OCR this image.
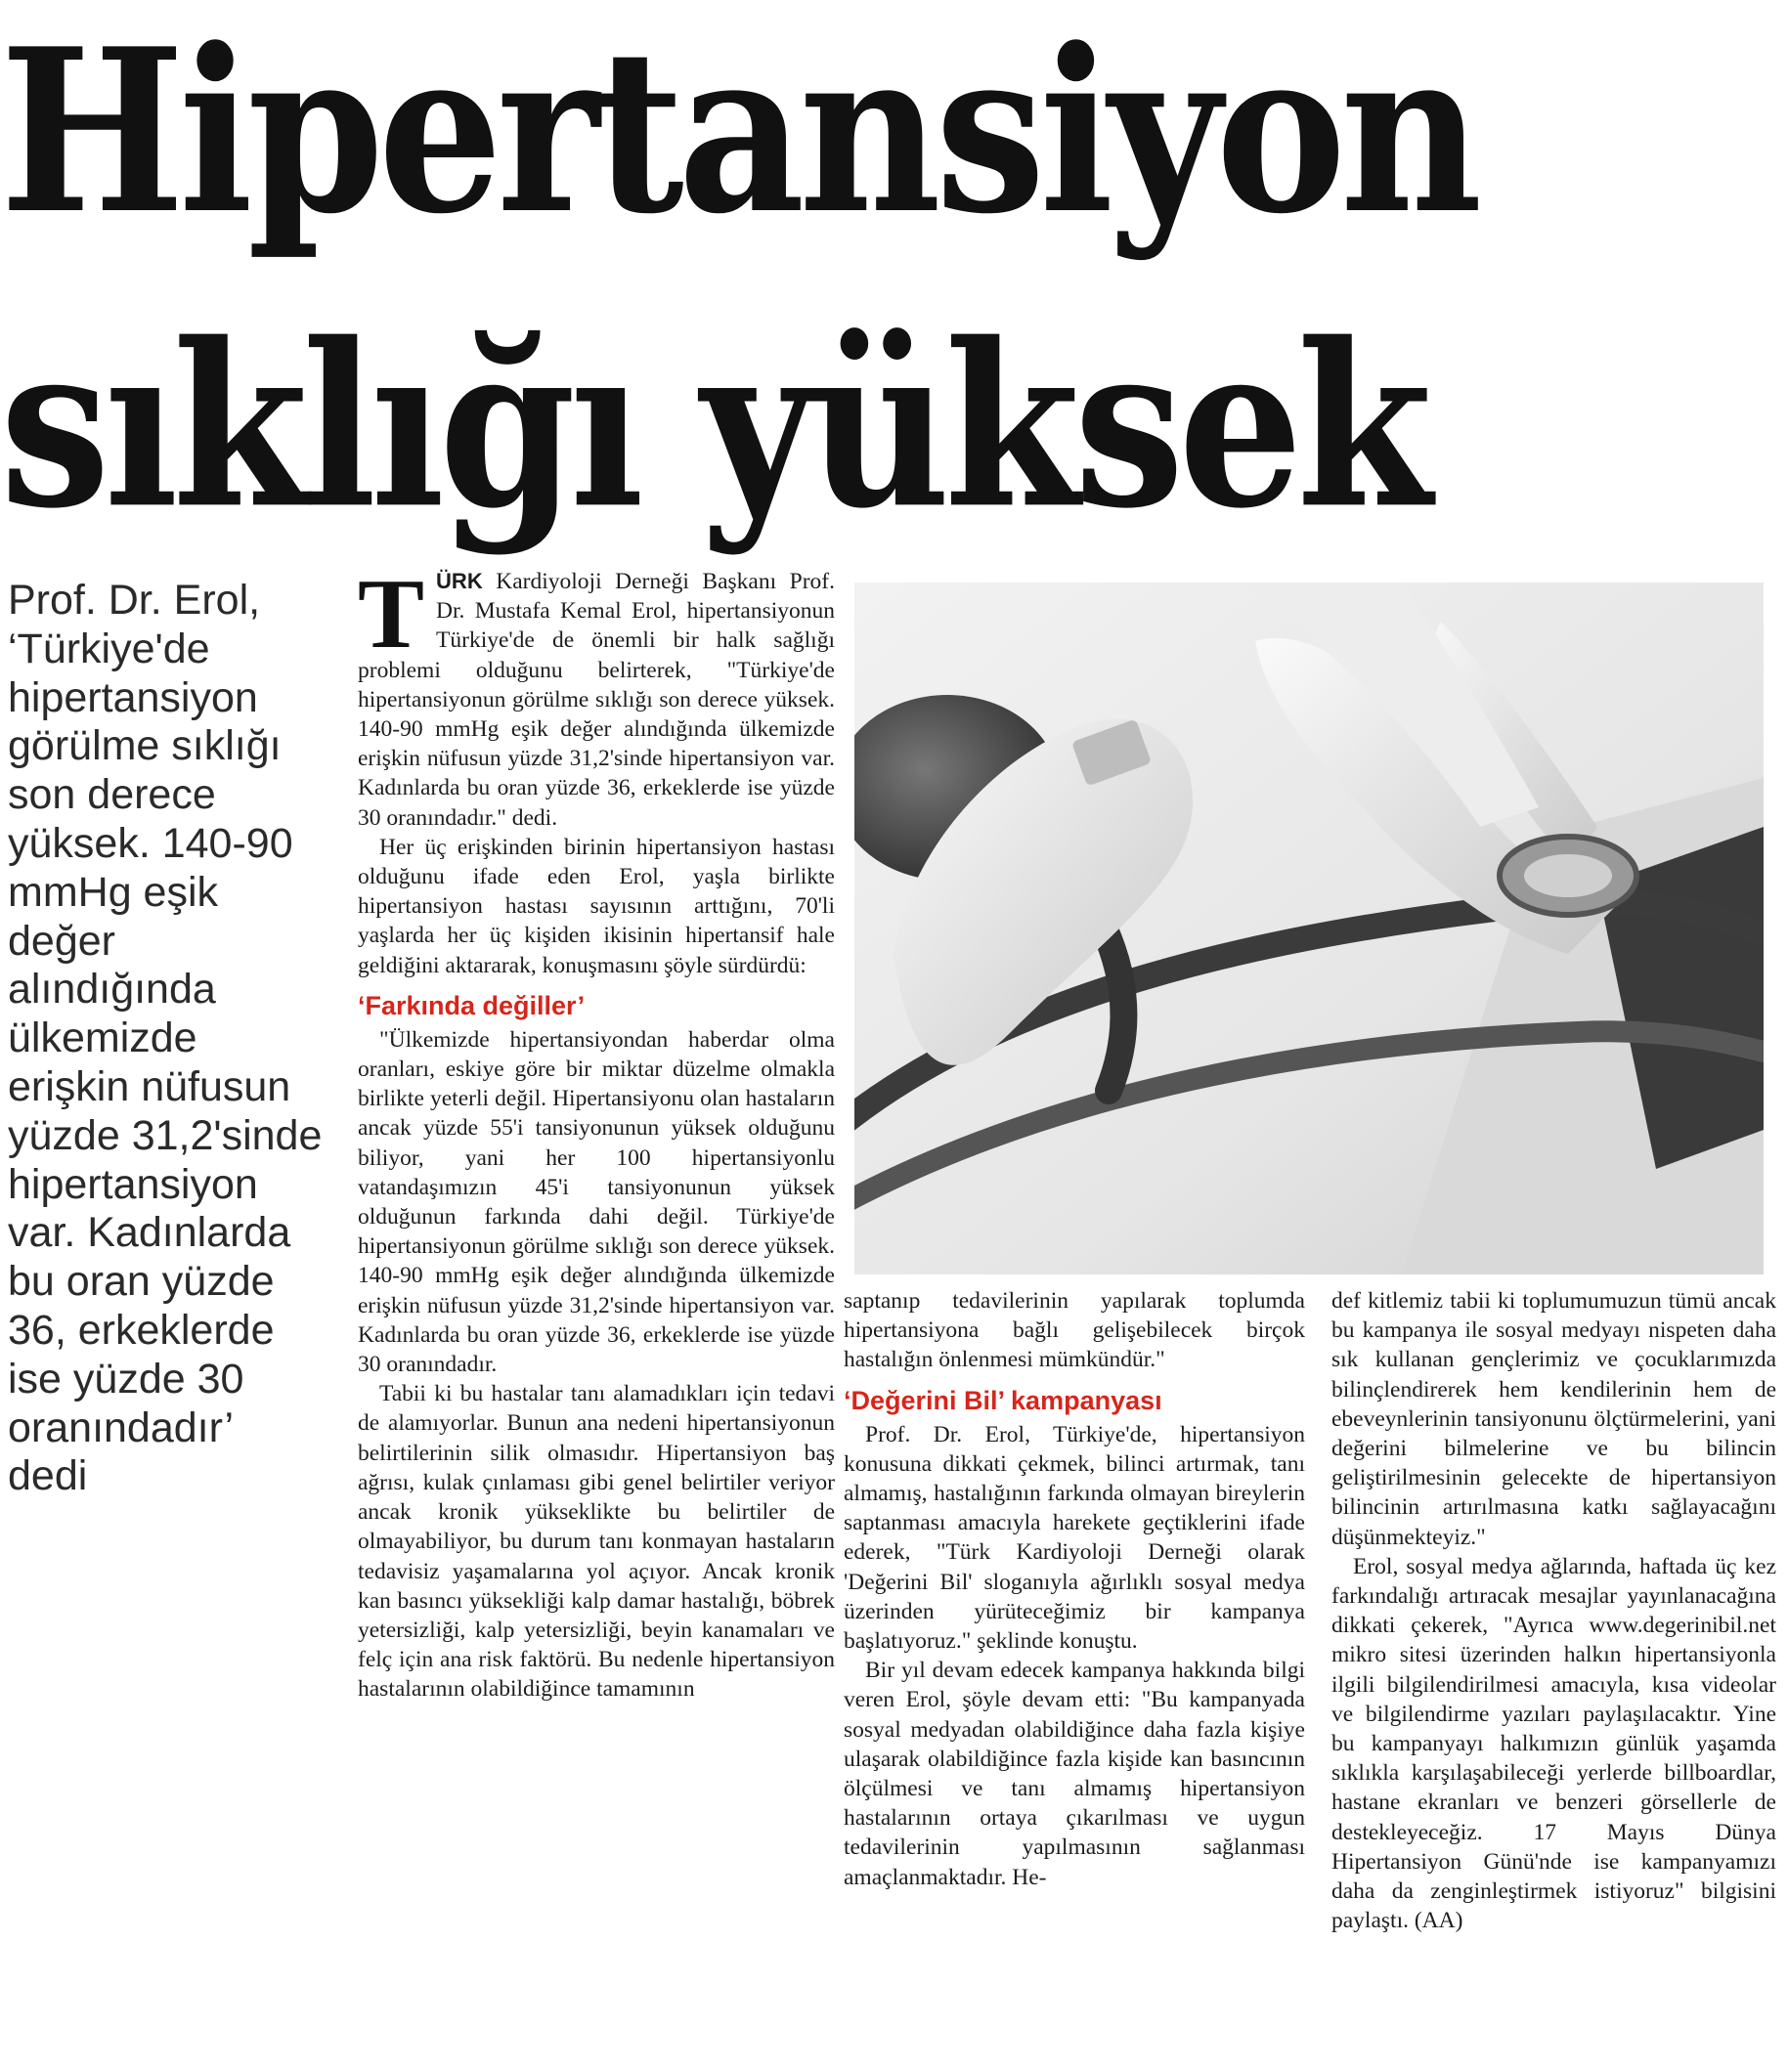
Hipertansiyon
sıklığı yüksek

Prof. Dr. Erol,
‘Türkiye'de
hipertansiyon
görülme sıklığı
son derece
yüksek. 140-90
mmHg eşik
değer
alındığında
ülkemizde
erişkin nüfusun
yüzde 31,2'sinde
hipertansiyon
var. Kadınlarda
bu oran yüzde
36, erkeklerde
ise yüzde 30
oranındadır’
dedi

TÜRK Kardiyoloji Derneği Başkanı Prof. Dr. Mustafa Kemal Erol, hipertansiyonun Türkiye'de de önemli bir halk sağlığı problemi olduğunu belirterek, "Türkiye'de hipertansiyonun görülme sıklığı son derece yüksek. 140-90 mmHg eşik değer alındığında ülkemizde erişkin nüfusun yüzde 31,2'sinde hipertansiyon var. Kadınlarda bu oran yüzde 36, erkeklerde ise yüzde 30 oranındadır." dedi.

Her üç erişkinden birinin hipertansiyon hastası olduğunu ifade eden Erol, yaşla birlikte hipertansiyon hastası sayısının arttığını, 70'li yaşlarda her üç kişiden ikisinin hipertansif hale geldiğini aktararak, konuşmasını şöyle sürdürdü:

‘Farkında değiller’

"Ülkemizde hipertansiyondan haberdar olma oranları, eskiye göre bir miktar düzelme olmakla birlikte yeterli değil. Hipertansiyonu olan hastaların ancak yüzde 55'i tansiyonunun yüksek olduğunu biliyor, yani her 100 hipertansiyonlu vatandaşımızın 45'i tansiyonunun yüksek olduğunun farkında dahi değil. Türkiye'de hipertansiyonun görülme sıklığı son derece yüksek. 140-90 mmHg eşik değer alındığında ülkemizde erişkin nüfusun yüzde 31,2'sinde hipertansiyon var. Kadınlarda bu oran yüzde 36, erkeklerde ise yüzde 30 oranındadır.

Tabii ki bu hastalar tanı alamadıkları için tedavi de alamıyorlar. Bunun ana nedeni hipertansiyonun belirtilerinin silik olmasıdır. Hipertansiyon baş ağrısı, kulak çınlaması gibi genel belirtiler veriyor ancak kronik yükseklikte bu belirtiler de olmayabiliyor, bu durum tanı konmayan hastaların tedavisiz yaşamalarına yol açıyor. Ancak kronik kan basıncı yüksekliği kalp damar hastalığı, böbrek yetersizliği, kalp yetersizliği, beyin kanamaları ve felç için ana risk faktörü. Bu nedenle hipertansiyon hastalarının olabildiğince tamamının

saptanıp tedavilerinin yapılarak toplumda hipertansiyona bağlı gelişebilecek birçok hastalığın önlenmesi mümkündür."

‘Değerini Bil’ kampanyası

Prof. Dr. Erol, Türkiye'de, hipertansiyon konusuna dikkati çekmek, bilinci artırmak, tanı almamış, hastalığının farkında olmayan bireylerin saptanması amacıyla harekete geçtiklerini ifade ederek, "Türk Kardiyoloji Derneği olarak 'Değerini Bil' sloganıyla ağırlıklı sosyal medya üzerinden yürüteceğimiz bir kampanya başlatıyoruz." şeklinde konuştu.

Bir yıl devam edecek kampanya hakkında bilgi veren Erol, şöyle devam etti: "Bu kampanyada sosyal medyadan olabildiğince daha fazla kişiye ulaşarak olabildiğince fazla kişide kan basıncının ölçülmesi ve tanı almamış hipertansiyon hastalarının ortaya çıkarılması ve uygun tedavilerinin yapılmasının sağlanması amaçlanmaktadır. He-

def kitlemiz tabii ki toplumumuzun tümü ancak bu kampanya ile sosyal medyayı nispeten daha sık kullanan gençlerimiz ve çocuklarımızda bilinçlendirerek hem kendilerinin hem de ebeveynlerinin tansiyonunu ölçtürmelerini, yani değerini bilmelerine ve bu bilincin geliştirilmesinin gelecekte de hipertansiyon bilincinin artırılmasına katkı sağlayacağını düşünmekteyiz."

Erol, sosyal medya ağlarında, haftada üç kez farkındalığı artıracak mesajlar yayınlanacağına dikkati çekerek, "Ayrıca www.degerinibil.net mikro sitesi üzerinden halkın hipertansiyonla ilgili bilgilendirilmesi amacıyla, kısa videolar ve bilgilendirme yazıları paylaşılacaktır. Yine bu kampanyayı halkımızın günlük yaşamda sıklıkla karşılaşabileceği yerlerde billboardlar, hastane ekranları ve benzeri görsellerle de destekleyeceğiz. 17 Mayıs Dünya Hipertansiyon Günü'nde ise kampanyamızı daha da zenginleştirmek istiyoruz" bilgisini paylaştı. (AA)
